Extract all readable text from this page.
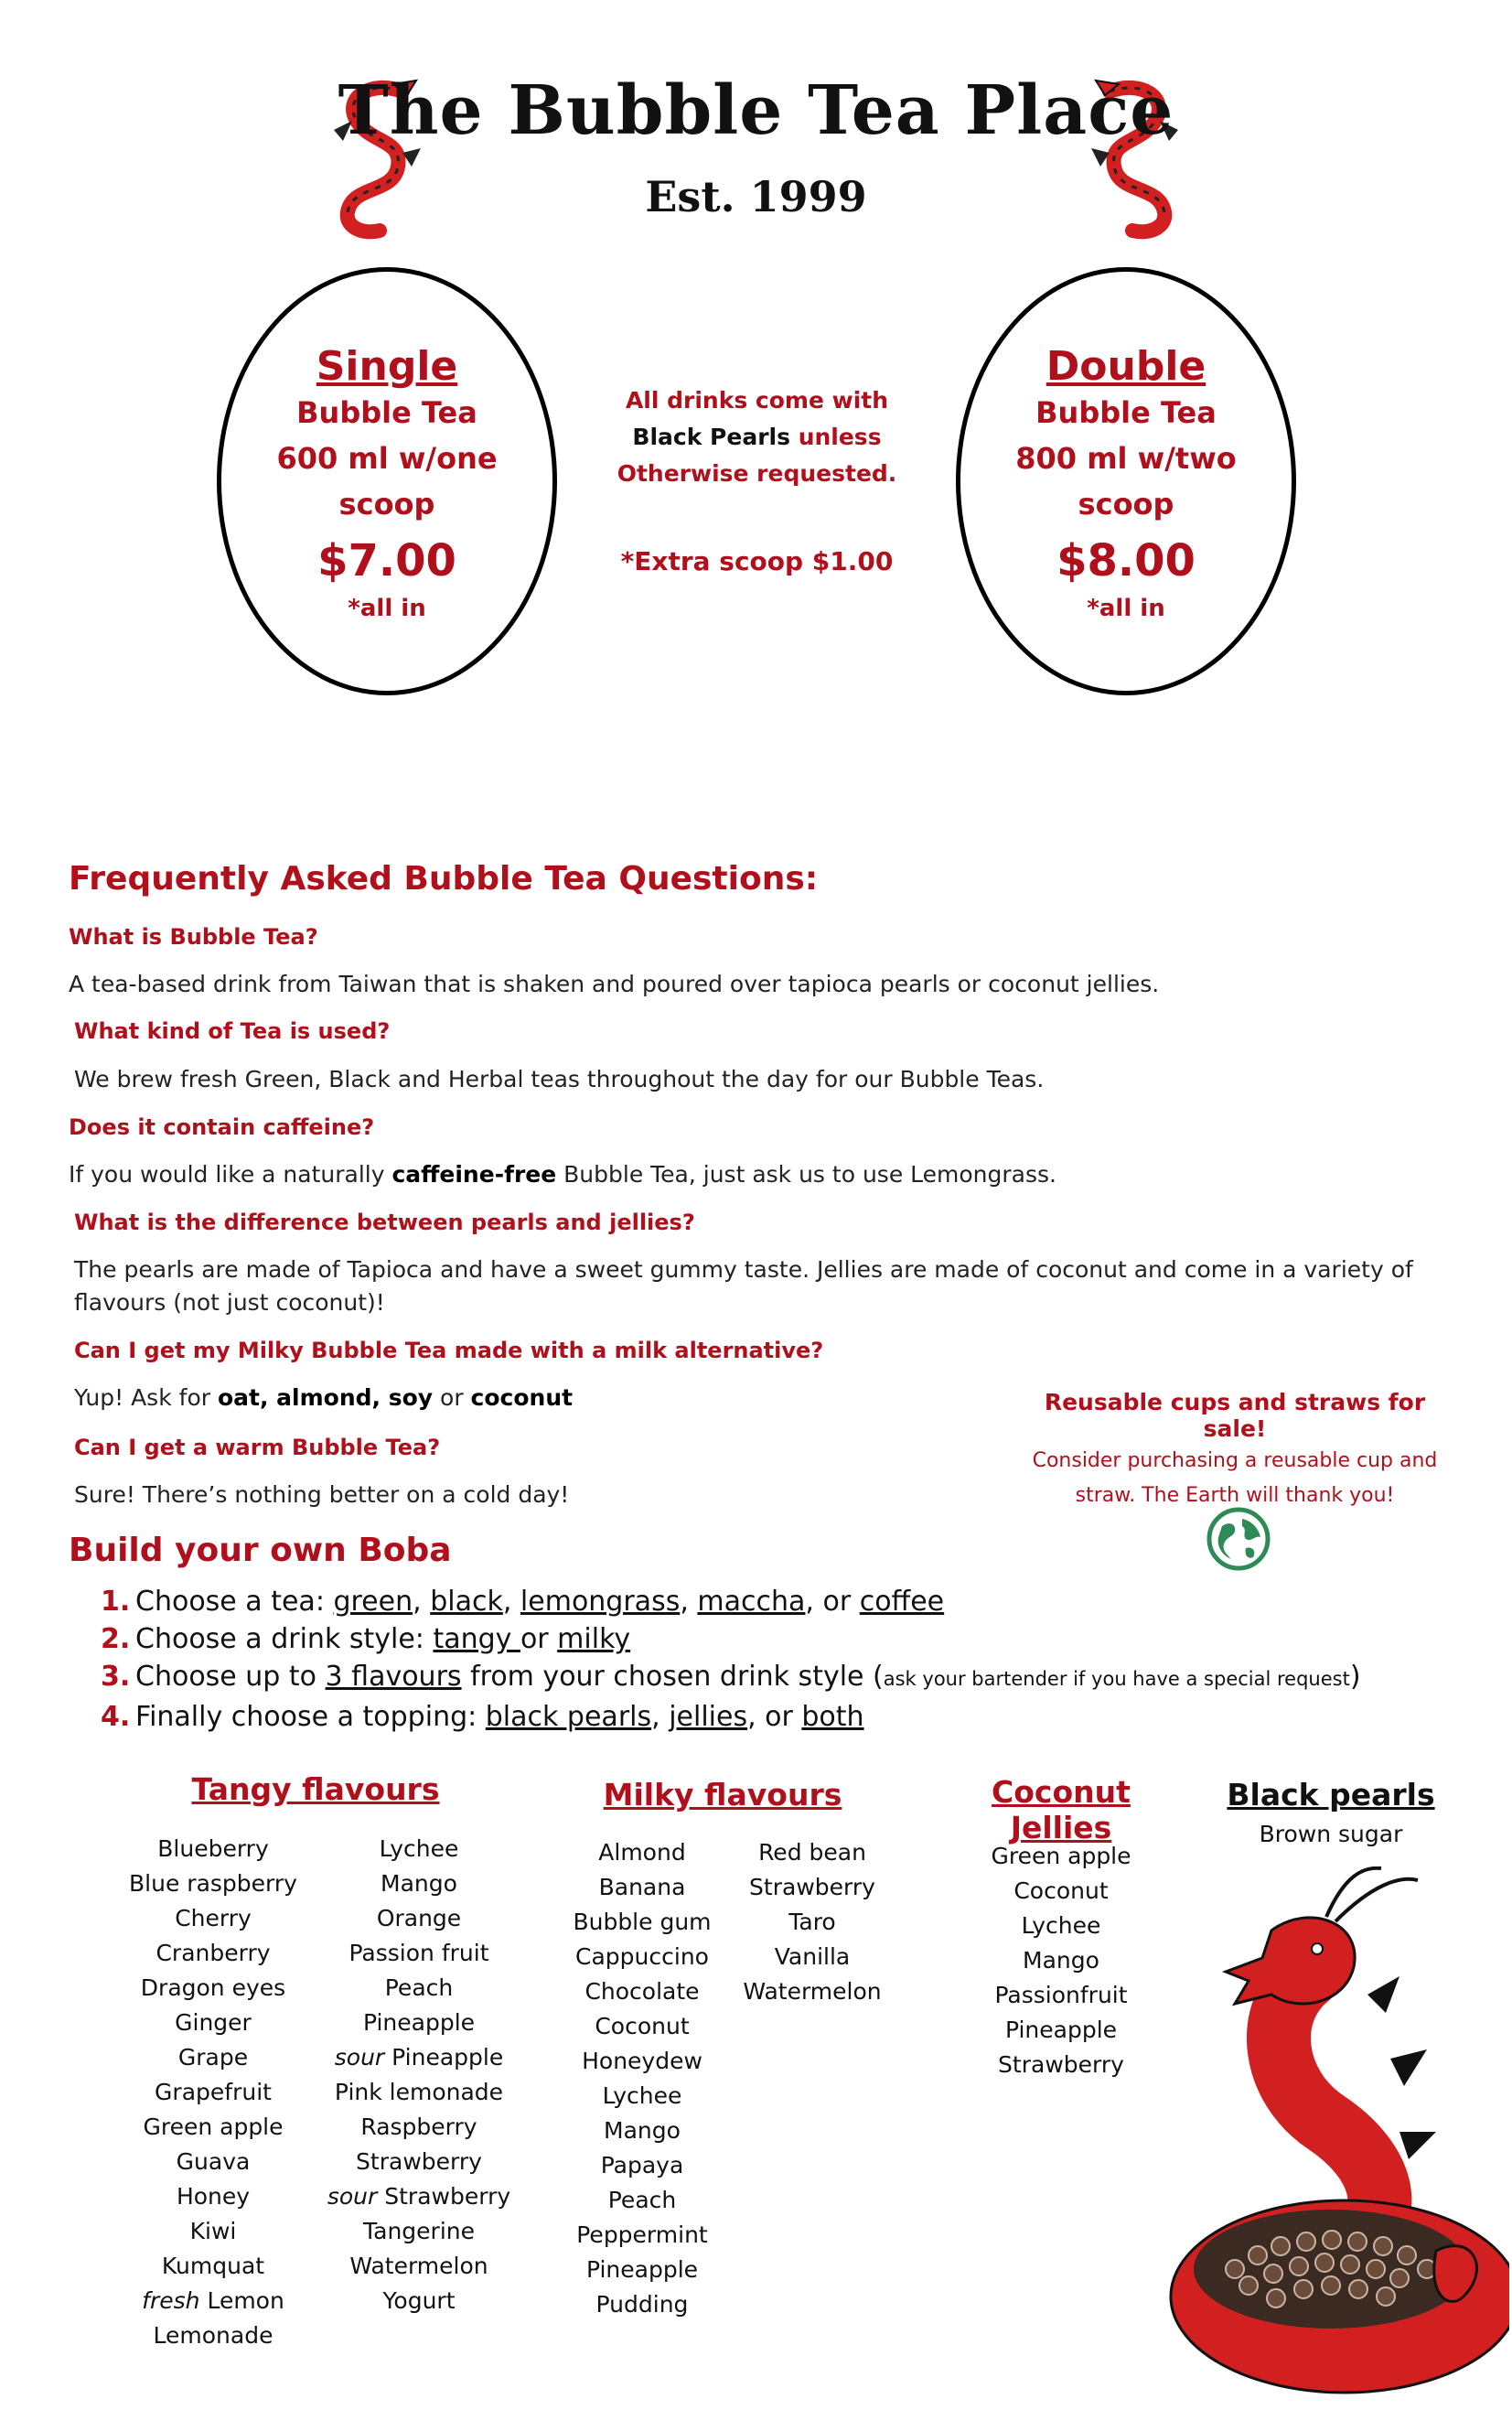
The Bubble Tea Place
Est. 1999
Single
Bubble Tea
600 ml w/one
scoop
$7.00
*all in
All drinks come with
Black Pearls unless
Otherwise requested.
*Extra scoop $1.00
Double
Bubble Tea
800 ml w/two
scoop
$8.00
*all in
Frequently Asked Bubble Tea Questions:
What is Bubble Tea?
A tea-based drink from Taiwan that is shaken and poured over tapioca pearls or coconut jellies.
What kind of Tea is used?
We brew fresh Green, Black and Herbal teas throughout the day for our Bubble Teas.
Does it contain caffeine?
If you would like a naturally caffeine-free Bubble Tea, just ask us to use Lemongrass.
What is the difference between pearls and jellies?
The pearls are made of Tapioca and have a sweet gummy taste. Jellies are made of coconut and come in a variety of flavours (not just coconut)!
Can I get my Milky Bubble Tea made with a milk alternative?
Yup! Ask for oat, almond, soy or coconut
Can I get a warm Bubble Tea?
Sure! There’s nothing better on a cold day!
Reusable cups and straws for sale!
Consider purchasing a reusable cup and
straw. The Earth will thank you!
Build your own Boba
1. Choose a tea: green, black, lemongrass, maccha, or coffee
2. Choose a drink style: tangy or milky
3. Choose up to 3 flavours from your chosen drink style (ask your bartender if you have a special request)
4. Finally choose a topping: black pearls, jellies, or both
Tangy flavours
Blueberry
Blue raspberry
Cherry
Cranberry
Dragon eyes
Ginger
Grape
Grapefruit
Green apple
Guava
Honey
Kiwi
Kumquat
fresh Lemon
Lemonade
Lychee
Mango
Orange
Passion fruit
Peach
Pineapple
sour Pineapple
Pink lemonade
Raspberry
Strawberry
sour Strawberry
Tangerine
Watermelon
Yogurt
Milky flavours
Almond
Banana
Bubble gum
Cappuccino
Chocolate
Coconut
Honeydew
Lychee
Mango
Papaya
Peach
Peppermint
Pineapple
Pudding
Red bean
Strawberry
Taro
Vanilla
Watermelon
Coconut Jellies
Green apple
Coconut
Lychee
Mango
Passionfruit
Pineapple
Strawberry
Black pearls
Brown sugar
